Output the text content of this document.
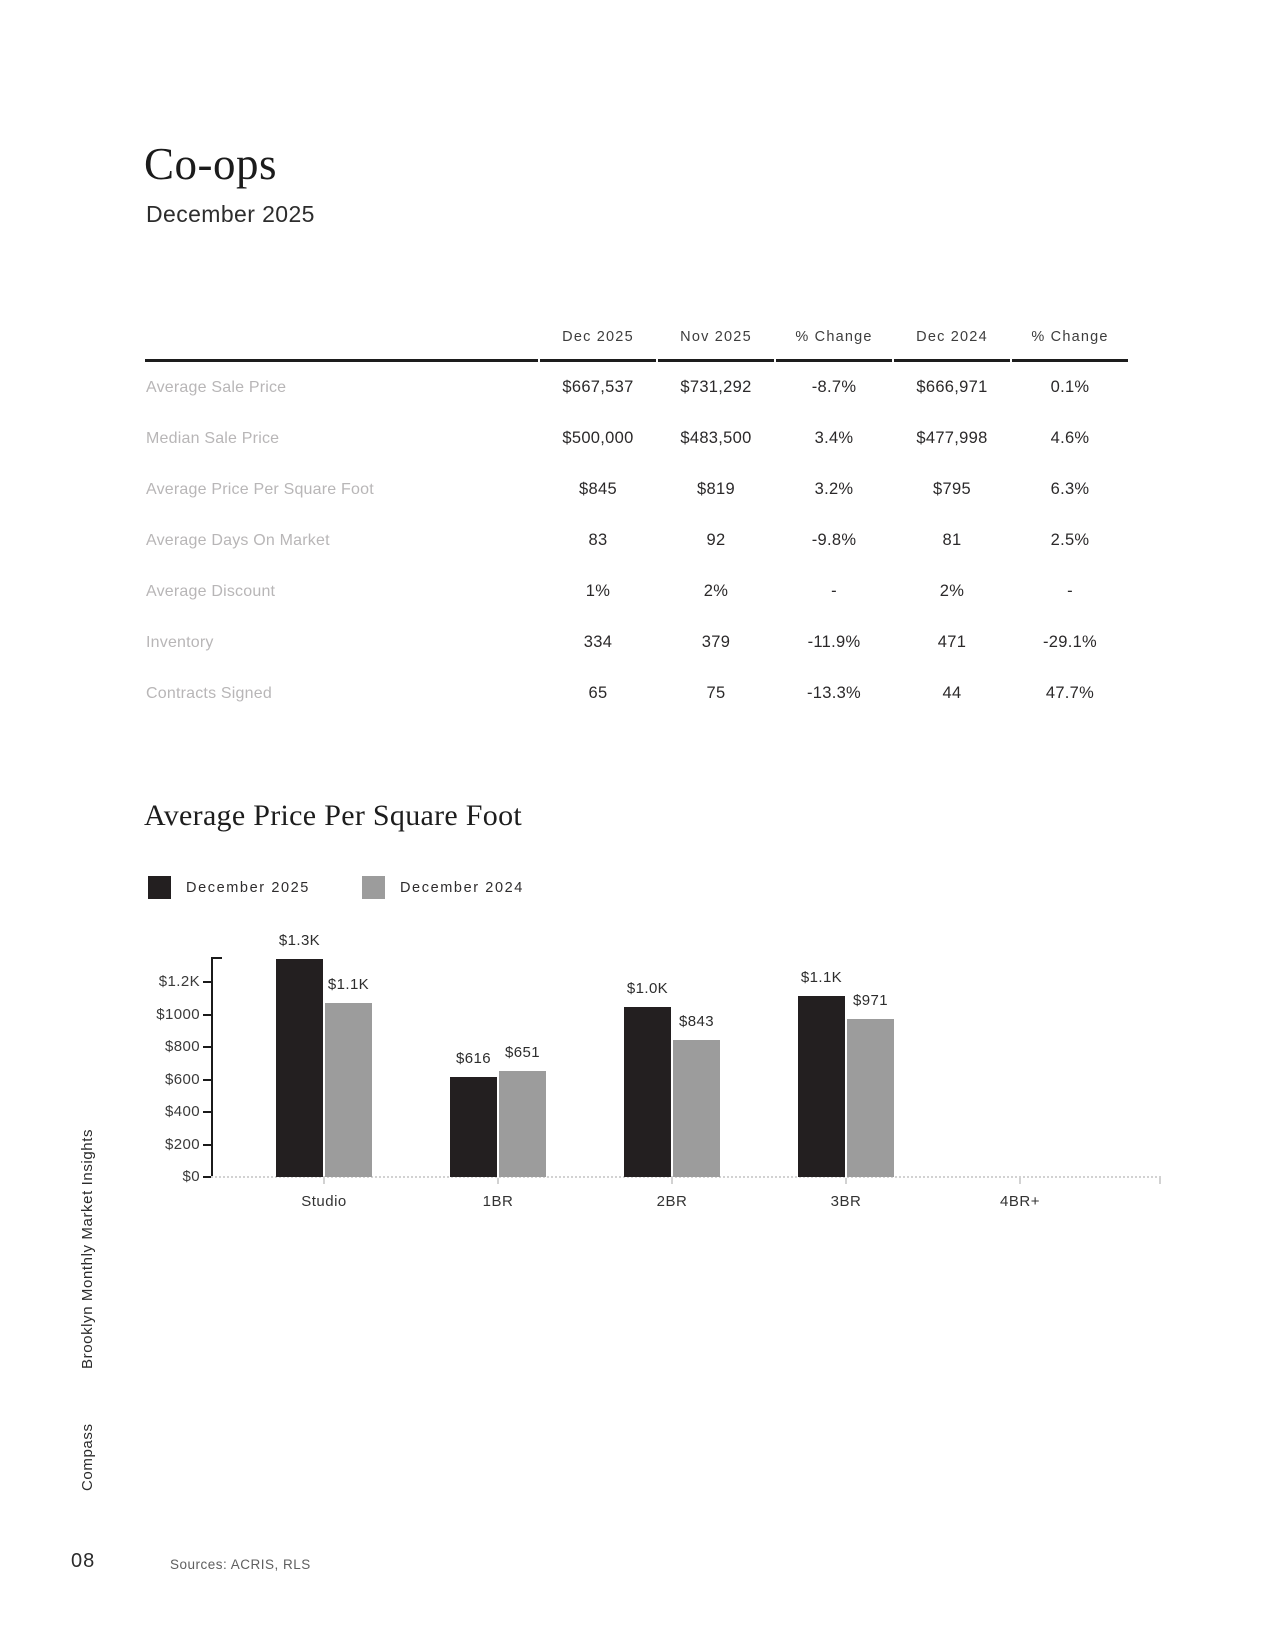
Co-ops
December 2025
	Dec 2025	Nov 2025	% Change	Dec 2024	% Change
Average Sale Price	$667,537	$731,292	-8.7%	$666,971	0.1%
Median Sale Price	$500,000	$483,500	3.4%	$477,998	4.6%
Average Price Per Square Foot	$845	$819	3.2%	$795	6.3%
Average Days On Market	83	92	-9.8%	81	2.5%
Average Discount	1%	2%	-	2%	-
Inventory	334	379	-11.9%	471	-29.1%
Contracts Signed	65	75	-13.3%	44	47.7%
Average Price Per Square Foot
December 2025	December 2024
$1.2K
$1000
$800
$600
$400
$200
$0
Studio
$1.3K
$1.1K
1BR
$616 $651
2BR
$1.0K
$843
3BR
$1.1K
$971
4BR+
Brooklyn Monthly Market Insights
Compass
08	Sources: ACRIS, RLS
